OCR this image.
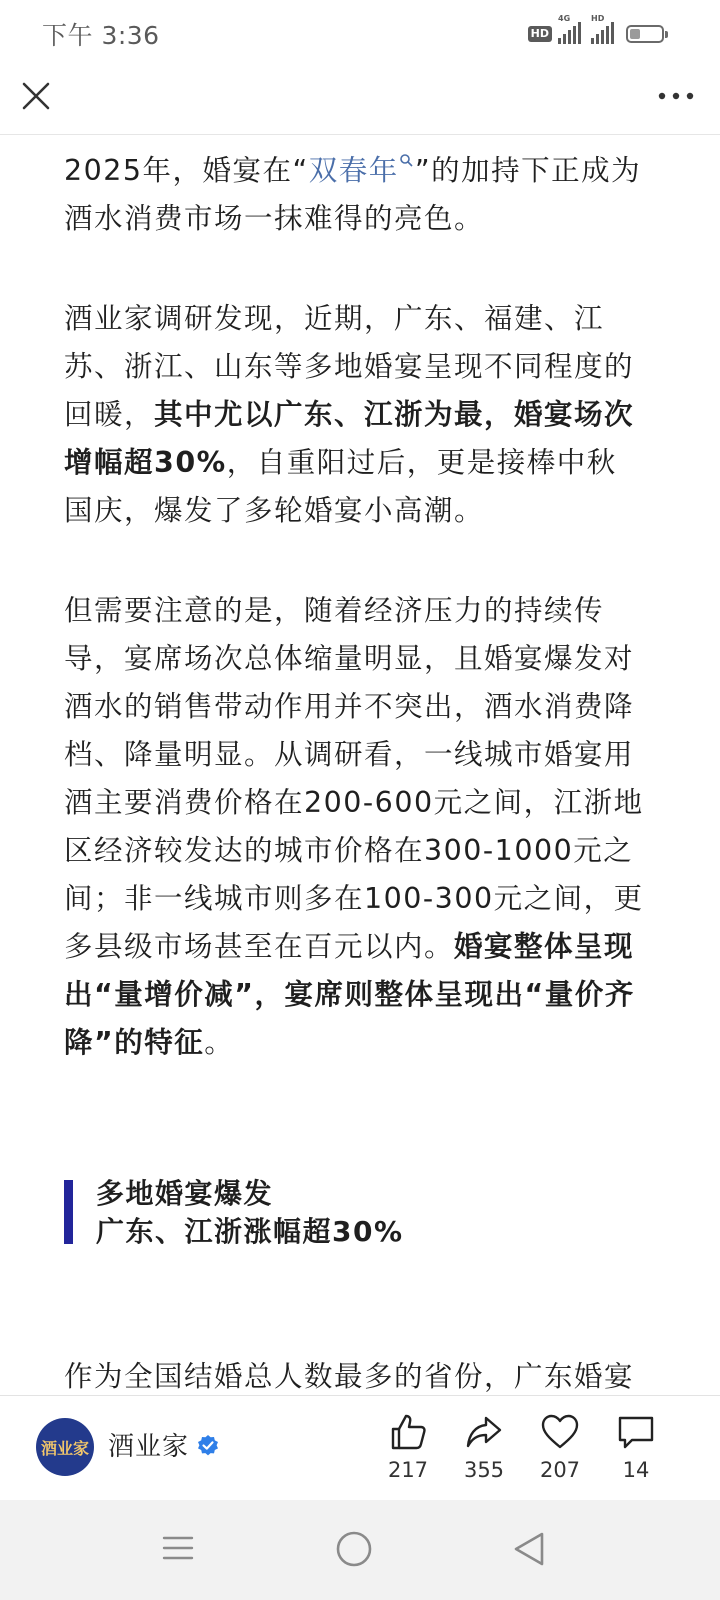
下午 3:36	HD
4G	HD

2025年，婚宴在“双春年 ”的加持下正成为酒水消费市场一抹难得的亮色。

酒业家调研发现，近期，广东、福建、江苏、浙江、山东等多地婚宴呈现不同程度的回暖，其中尤以广东、江浙为最，婚宴场次增幅超30%，自重阳过后，更是接棒中秋国庆，爆发了多轮婚宴小高潮。

但需要注意的是，随着经济压力的持续传导，宴席场次总体缩量明显，且婚宴爆发对酒水的销售带动作用并不突出，酒水消费降档、降量明显。从调研看，一线城市婚宴用酒主要消费价格在200-600元之间，江浙地区经济较发达的城市价格在300-1000元之间；非一线城市则多在100-300元之间，更多县级市场甚至在百元以内。婚宴整体呈现出“量增价减”，宴席则整体呈现出“量价齐降”的特征。

作为全国结婚总人数最多的省份，广东婚宴

多地婚宴爆发
广东、江浙涨幅超30%
酒业家 酒业家
217	355	207	14
